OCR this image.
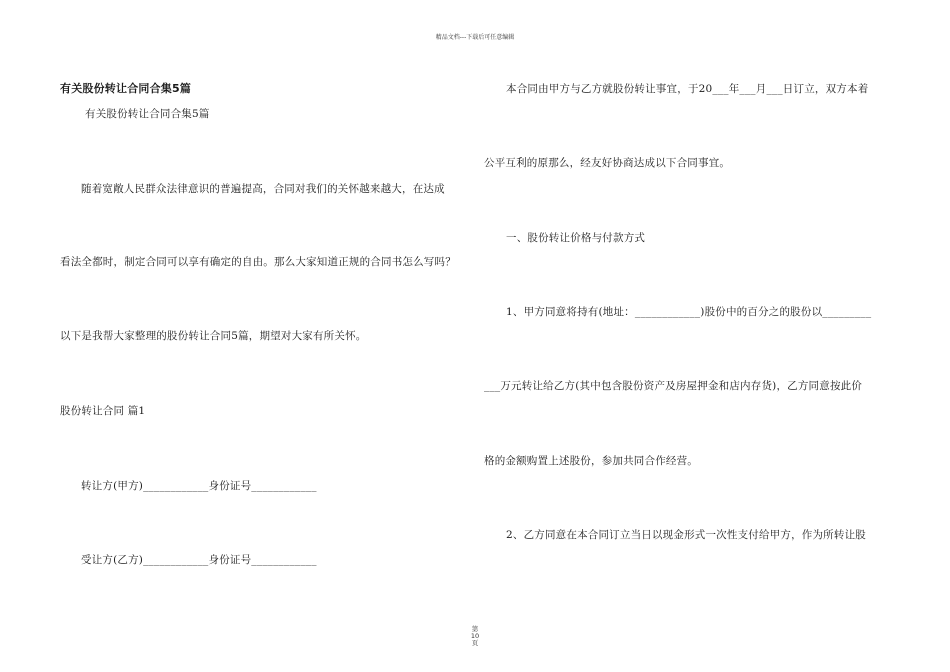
精品文档---下载后可任意编辑
有关股份转让合同合集5篇
有关股份转让合同合集5篇
随着宽敞人民群众法律意识的普遍提高，合同对我们的关怀越来越大，在达成
看法全都时，制定合同可以享有确定的自由。那么大家知道正规的合同书怎么写吗？
以下是我帮大家整理的股份转让合同5篇，期望对大家有所关怀。
股份转让合同 篇1
转让方(甲方)____________身份证号____________
受让方(乙方)____________身份证号____________
本合同由甲方与乙方就股份转让事宜，于20___年___月___日订立，双方本着
公平互利的原那么，经友好协商达成以下合同事宜。
一、股份转让价格与付款方式
1、甲方同意将持有(地址：____________)股份中的百分之的股份以_________
___万元转让给乙方(其中包含股份资产及房屋押金和店内存货)，乙方同意按此价
格的金额购置上述股份，参加共同合作经营。
2、乙方同意在本合同订立当日以现金形式一次性支付给甲方，作为所转让股
第
10
页
